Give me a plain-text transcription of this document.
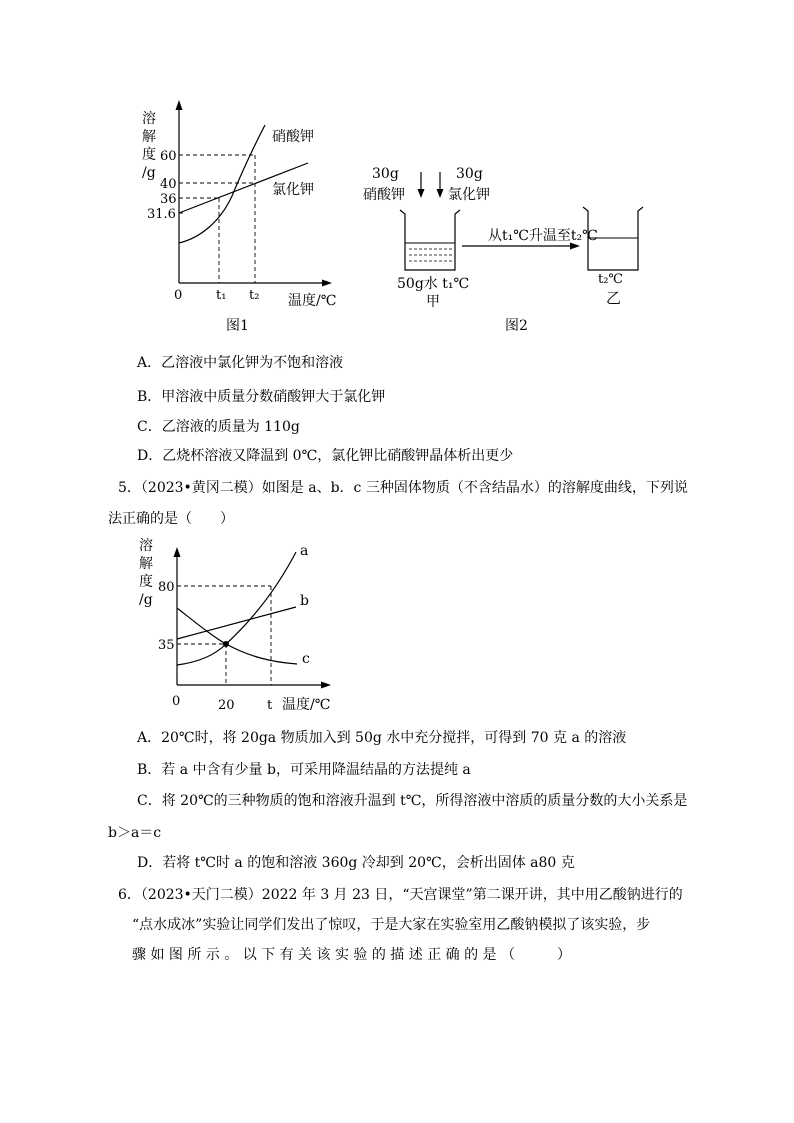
溶
解
度
/g
60
40
36
31.6
硝酸钾
氯化钾
0	t₁ t₂ 温度/℃
图1
30g
硝酸钾
30g
氯化钾
50g水 t₁℃
甲
从t₁℃升温至t₂℃
t₂℃
乙
图2
A．乙溶液中氯化钾为不饱和溶液
B．甲溶液中质量分数硝酸钾大于氯化钾
C．乙溶液的质量为 110g
D．乙烧杯溶液又降温到 0℃，氯化钾比硝酸钾晶体析出更少
5．（2023•黄冈二模）如图是 a、b．c 三种固体物质（不含结晶水）的溶解度曲线，下列说
法正确的是（　　）
溶
解
度
/g
80
35
a
b
c
0	20 t 温度/℃
A．20℃时，将 20ga 物质加入到 50g 水中充分搅拌，可得到 70 克 a 的溶液
B．若 a 中含有少量 b，可采用降温结晶的方法提纯 a
C．将 20℃的三种物质的饱和溶液升温到 t℃，所得溶液中溶质的质量分数的大小关系是
b＞a＝c
D．若将 t℃时 a 的饱和溶液 360g 冷却到 20℃，会析出固体 a80 克
6．（2023•天门二模）2022 年 3 月 23 日，“天宫课堂”第二课开讲，其中用乙酸钠进行的
“点水成冰”实验让同学们发出了惊叹，于是大家在实验室用乙酸钠模拟了该实验，步
骤 如 图 所 示 。 以 下 有 关 该 实 验 的 描 述 正 确 的 是 （　　　）
